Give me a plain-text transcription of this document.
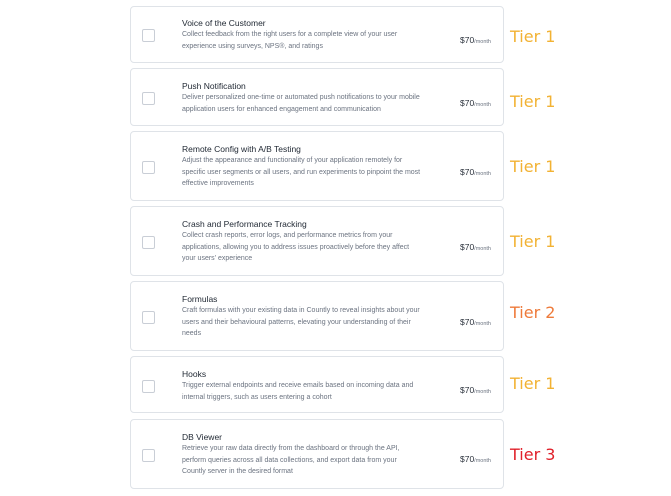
Voice of the Customer
Collect feedback from the right users for a complete view of your user experience using surveys, NPS®, and ratings
$70/month Tier 1
Push Notification
Deliver personalized one-time or automated push notifications to your mobile application users for enhanced engagement and communication
$70/month Tier 1
Remote Config with A/B Testing
Adjust the appearance and functionality of your application remotely for specific user segments or all users, and run experiments to pinpoint the most effective improvements
$70/month Tier 1
Crash and Performance Tracking
Collect crash reports, error logs, and performance metrics from your applications, allowing you to address issues proactively before they affect your users' experience
$70/month Tier 1
Formulas
Craft formulas with your existing data in Countly to reveal insights about your users and their behavioural patterns, elevating your understanding of their needs
$70/month
Tier 2
Hooks
Trigger external endpoints and receive emails based on incoming data and internal triggers, such as users entering a cohort
$70/month Tier 1
DB Viewer
Retrieve your raw data directly from the dashboard or through the API, perform queries across all data collections, and export data from your Countly server in the desired format
$70/month Tier 3
